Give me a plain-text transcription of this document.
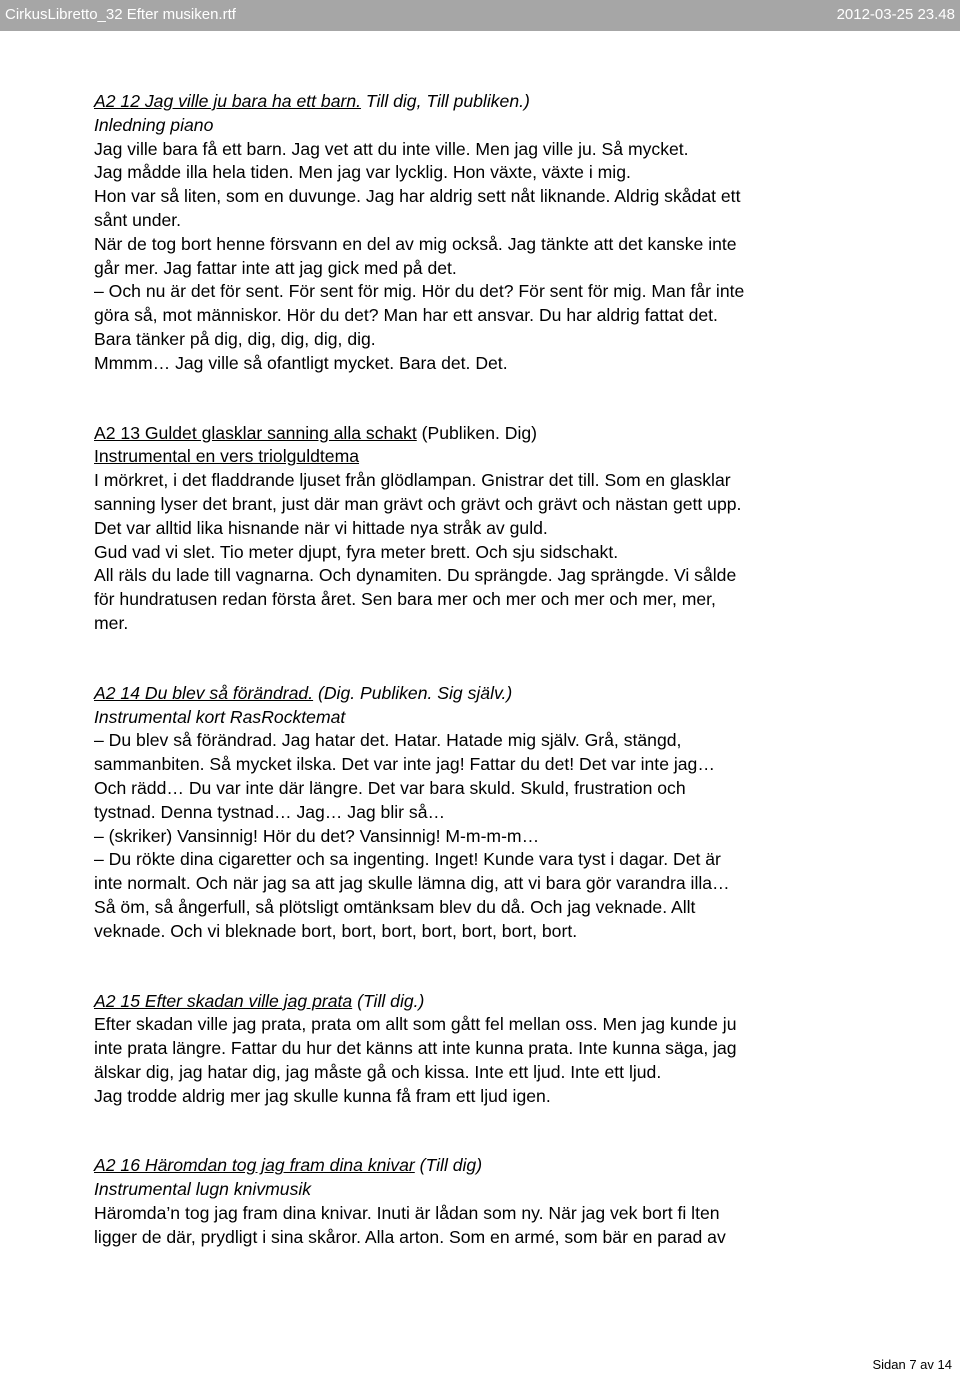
CirkusLibretto_32 Efter musiken.rtf	2012-03-25 23.48
A2 12 Jag ville ju bara ha ett barn. Till dig, Till publiken.)
Inledning piano
Jag ville bara få ett barn. Jag vet att du inte ville. Men jag ville ju. Så mycket.
Jag mådde illa hela tiden. Men jag var lycklig. Hon växte, växte i mig.
Hon var så liten, som en duvunge. Jag har aldrig sett nåt liknande. Aldrig skådat ett
sånt under.
När de tog bort henne försvann en del av mig också. Jag tänkte att det kanske inte
går mer. Jag fattar inte att jag gick med på det.
– Och nu är det för sent. För sent för mig. Hör du det? För sent för mig. Man får inte
göra så, mot människor. Hör du det? Man har ett ansvar. Du har aldrig fattat det.
Bara tänker på dig, dig, dig, dig, dig.
Mmmm… Jag ville så ofantligt mycket. Bara det. Det.
A2 13 Guldet glasklar sanning alla schakt (Publiken. Dig)
Instrumental en vers triolguldtema
I mörkret, i det fladdrande ljuset från glödlampan. Gnistrar det till. Som en glasklar
sanning lyser det brant, just där man grävt och grävt och grävt och nästan gett upp.
Det var alltid lika hisnande när vi hittade nya stråk av guld.
Gud vad vi slet. Tio meter djupt, fyra meter brett. Och sju sidschakt.
All räls du lade till vagnarna. Och dynamiten. Du sprängde. Jag sprängde. Vi sålde
för hundratusen redan första året. Sen bara mer och mer och mer och mer, mer,
mer.
A2 14 Du blev så förändrad. (Dig. Publiken. Sig själv.)
Instrumental kort RasRocktemat
– Du blev så förändrad. Jag hatar det. Hatar. Hatade mig själv. Grå, stängd,
sammanbiten. Så mycket ilska. Det var inte jag! Fattar du det! Det var inte jag…
Och rädd… Du var inte där längre. Det var bara skuld. Skuld, frustration och
tystnad. Denna tystnad… Jag… Jag blir så…
– (skriker) Vansinnig! Hör du det? Vansinnig! M-m-m-m…
– Du rökte dina cigaretter och sa ingenting. Inget! Kunde vara tyst i dagar. Det är
inte normalt. Och när jag sa att jag skulle lämna dig, att vi bara gör varandra illa…
Så öm, så ångerfull, så plötsligt omtänksam blev du då. Och jag veknade. Allt
veknade. Och vi bleknade bort, bort, bort, bort, bort, bort, bort.
A2 15 Efter skadan ville jag prata (Till dig.)
Efter skadan ville jag prata, prata om allt som gått fel mellan oss. Men jag kunde ju
inte prata längre. Fattar du hur det känns att inte kunna prata. Inte kunna säga, jag
älskar dig, jag hatar dig, jag måste gå och kissa. Inte ett ljud. Inte ett ljud.
Jag trodde aldrig mer jag skulle kunna få fram ett ljud igen.
A2 16 Häromdan tog jag fram dina knivar (Till dig)
Instrumental lugn knivmusik
Häromda’n tog jag fram dina knivar. Inuti är lådan som ny. När jag vek bort fi lten
ligger de där, prydligt i sina skåror. Alla arton. Som en armé, som bär en parad av
Sidan 7 av 14
